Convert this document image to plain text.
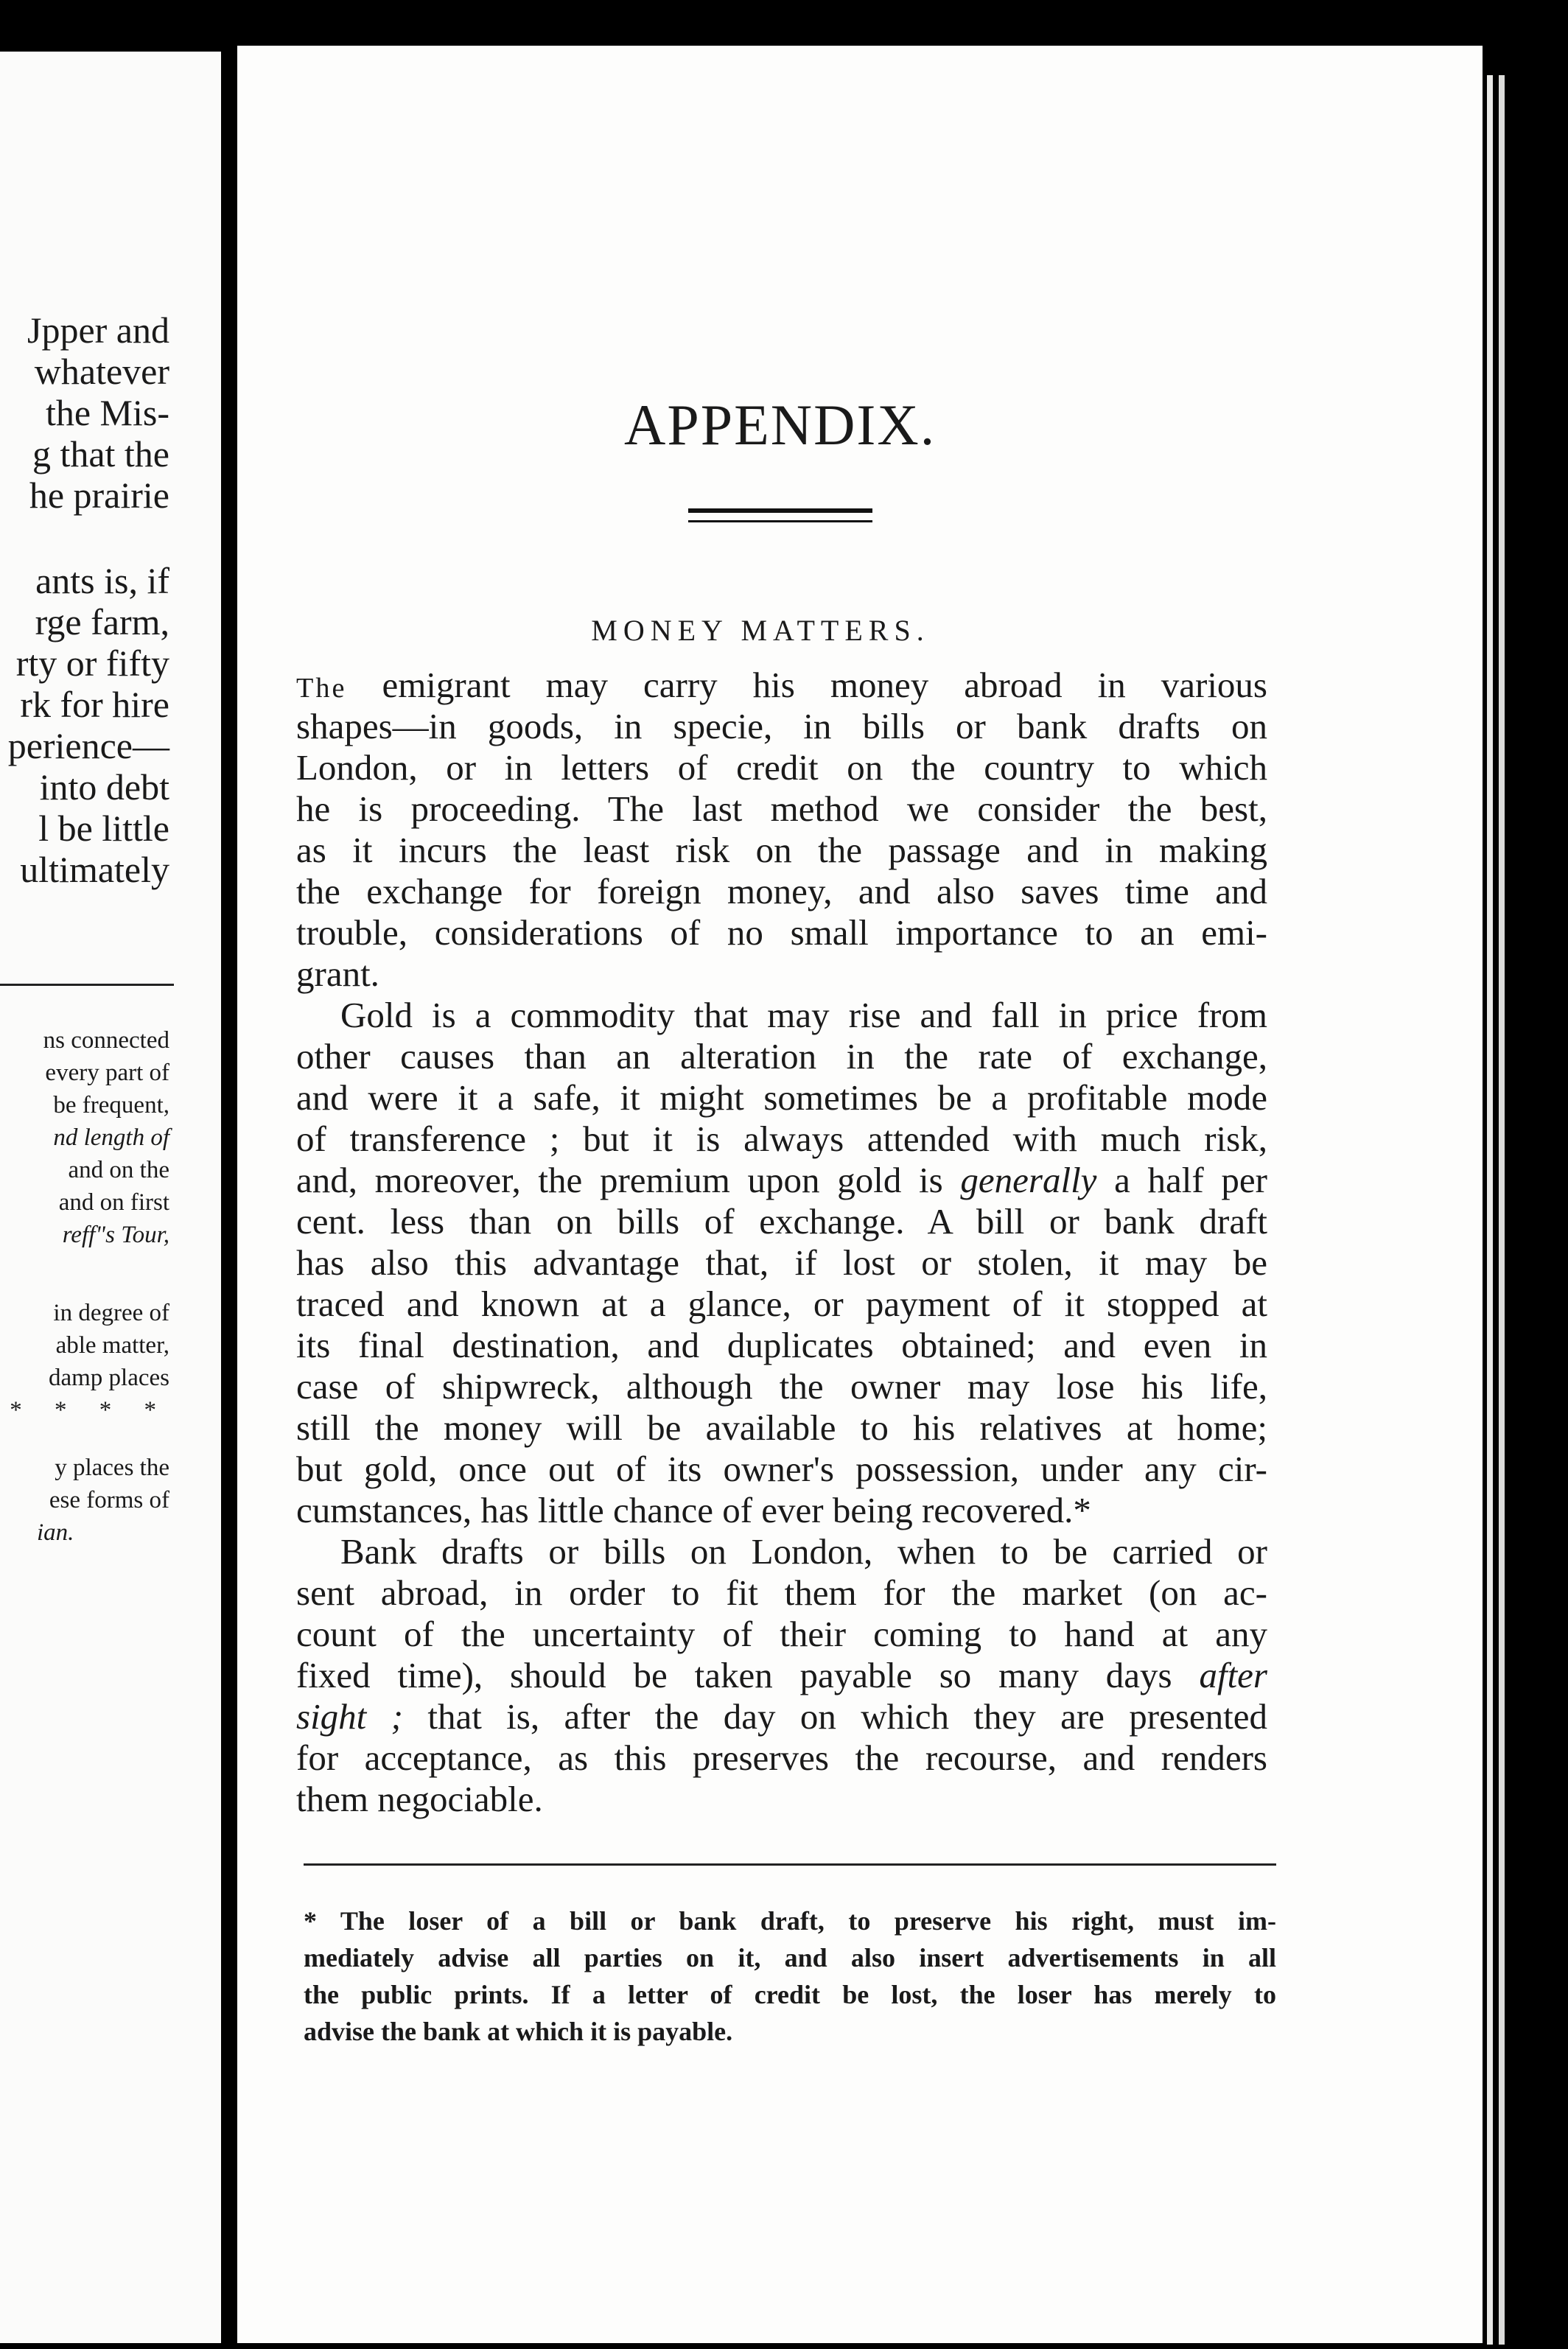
Jpper and
whatever
the Mis-
g that the
he prairie
ants is, if
rge farm,
rty or fifty
rk for hire
perience—
into debt
l be little
ultimately
ns connected
every part of
be frequent,
nd length of
and on the
and on first
reff"s Tour,
in degree of
able matter,
damp places
* * * *
y places the
ese forms of
ian.
APPENDIX.
MONEY MATTERS.
The emigrant may carry his money abroad in various
shapes—in goods, in specie, in bills or bank drafts on
London, or in letters of credit on the country to which
he is proceeding. The last method we consider the best,
as it incurs the least risk on the passage and in making
the exchange for foreign money, and also saves time and
trouble, considerations of no small importance to an emi-
grant.
Gold is a commodity that may rise and fall in price from
other causes than an alteration in the rate of exchange,
and were it a safe, it might sometimes be a profitable mode
of transference ; but it is always attended with much risk,
and, moreover, the premium upon gold is generally a half per
cent. less than on bills of exchange. A bill or bank draft
has also this advantage that, if lost or stolen, it may be
traced and known at a glance, or payment of it stopped at
its final destination, and duplicates obtained; and even in
case of shipwreck, although the owner may lose his life,
still the money will be available to his relatives at home;
but gold, once out of its owner's possession, under any cir-
cumstances, has little chance of ever being recovered.*
Bank drafts or bills on London, when to be carried or
sent abroad, in order to fit them for the market (on ac-
count of the uncertainty of their coming to hand at any
fixed time), should be taken payable so many days after
sight ; that is, after the day on which they are presented
for acceptance, as this preserves the recourse, and renders
them negociable.
* The loser of a bill or bank draft, to preserve his right, must im-
mediately advise all parties on it, and also insert advertisements in all
the public prints. If a letter of credit be lost, the loser has merely to
advise the bank at which it is payable.
